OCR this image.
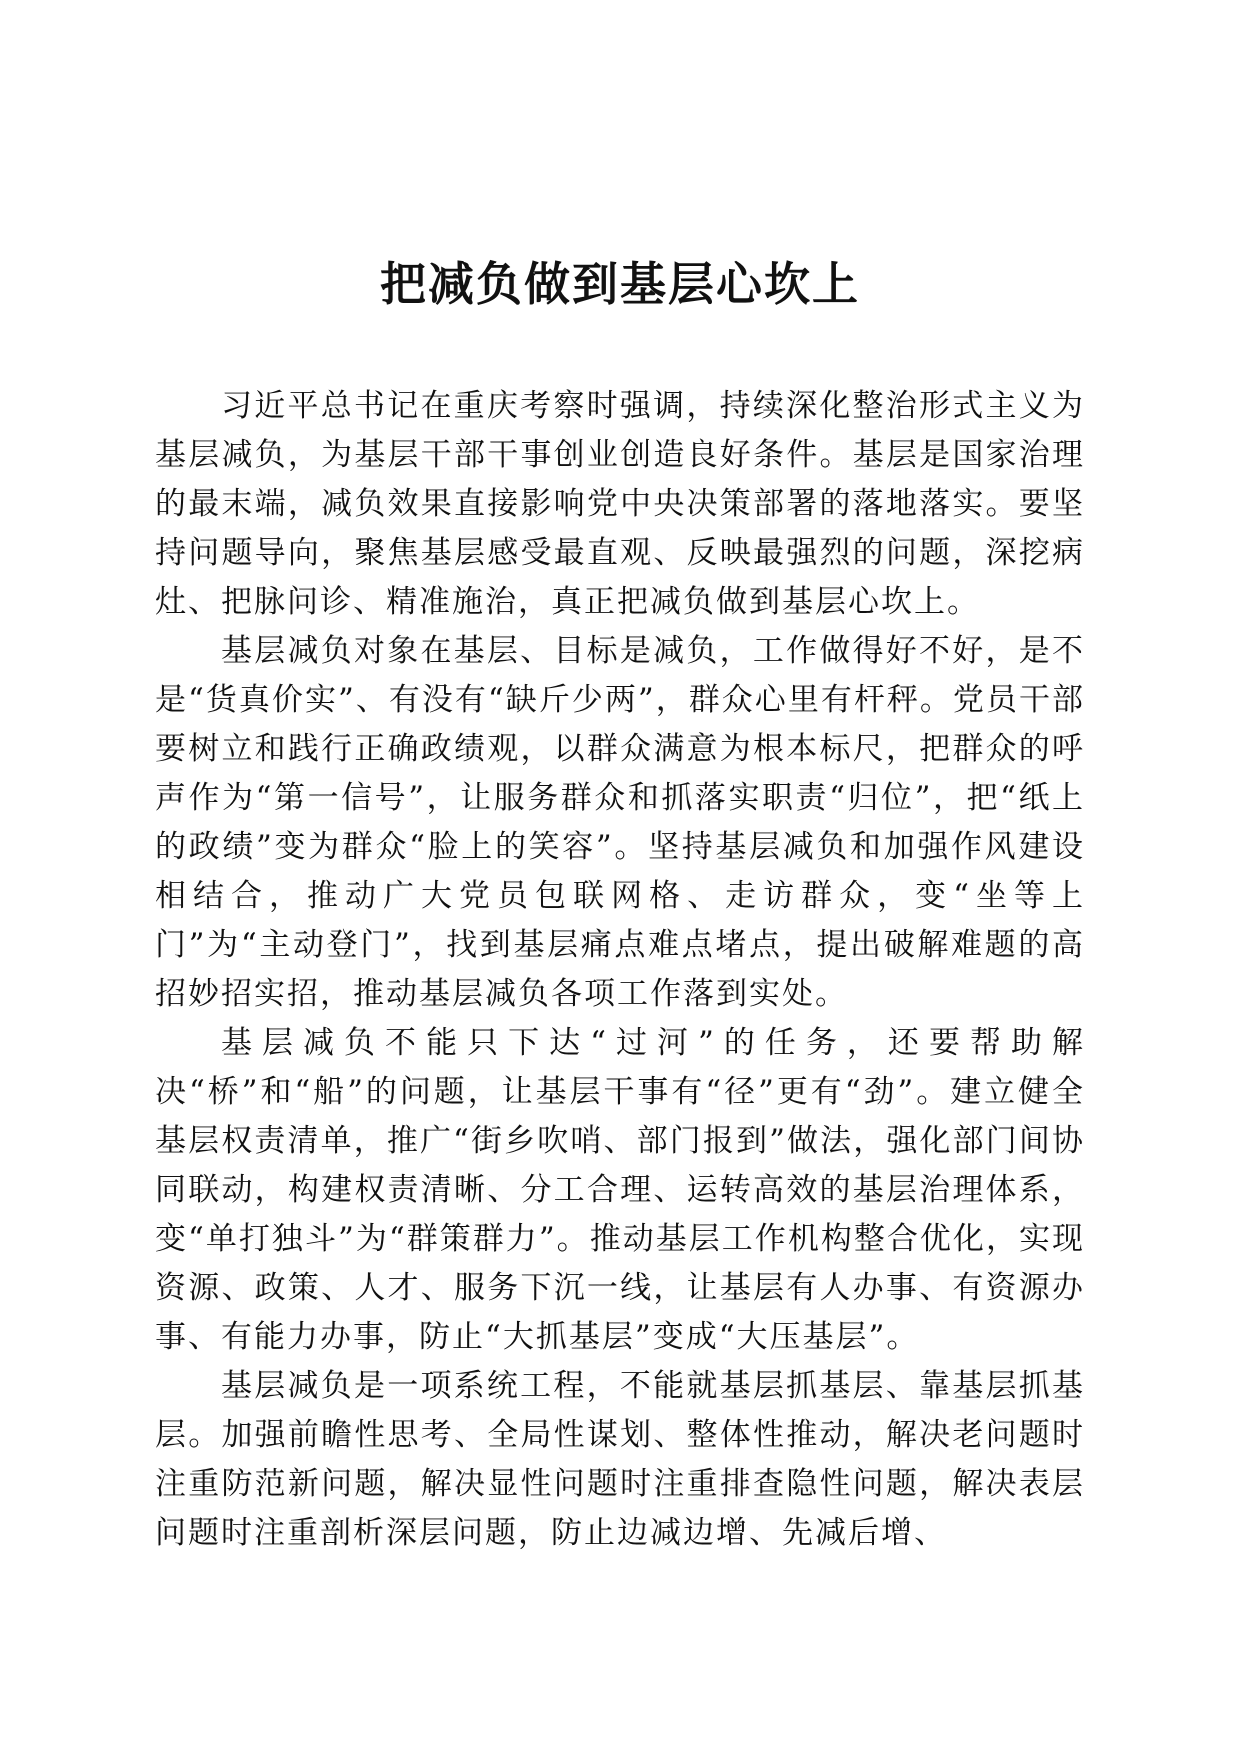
把减负做到基层心坎上

习近平总书记在重庆考察时强调，持续深化整治形式主义为基层减负，为基层干部干事创业创造良好条件。基层是国家治理的最末端，减负效果直接影响党中央决策部署的落地落实。要坚持问题导向，聚焦基层感受最直观、反映最强烈的问题，深挖病灶、把脉问诊、精准施治，真正把减负做到基层心坎上。

基层减负对象在基层、目标是减负，工作做得好不好，是不是“货真价实”、有没有“缺斤少两”，群众心里有杆秤。党员干部要树立和践行正确政绩观，以群众满意为根本标尺，把群众的呼声作为“第一信号”，让服务群众和抓落实职责“归位”，把“纸上的政绩”变为群众“脸上的笑容”。坚持基层减负和加强作风建设相结合，推动广大党员包联网格、走访群众，变“坐等上门”为“主动登门”，找到基层痛点难点堵点，提出破解难题的高招妙招实招，推动基层减负各项工作落到实处。

基层减负不能只下达“过河”的任务，还要帮助解决“桥”和“船”的问题，让基层干事有“径”更有“劲”。建立健全基层权责清单，推广“街乡吹哨、部门报到”做法，强化部门间协同联动，构建权责清晰、分工合理、运转高效的基层治理体系，变“单打独斗”为“群策群力”。推动基层工作机构整合优化，实现资源、政策、人才、服务下沉一线，让基层有人办事、有资源办事、有能力办事，防止“大抓基层”变成“大压基层”。

基层减负是一项系统工程，不能就基层抓基层、靠基层抓基层。加强前瞻性思考、全局性谋划、整体性推动，解决老问题时注重防范新问题，解决显性问题时注重排查隐性问题，解决表层问题时注重剖析深层问题，防止边减边增、先减后增、
